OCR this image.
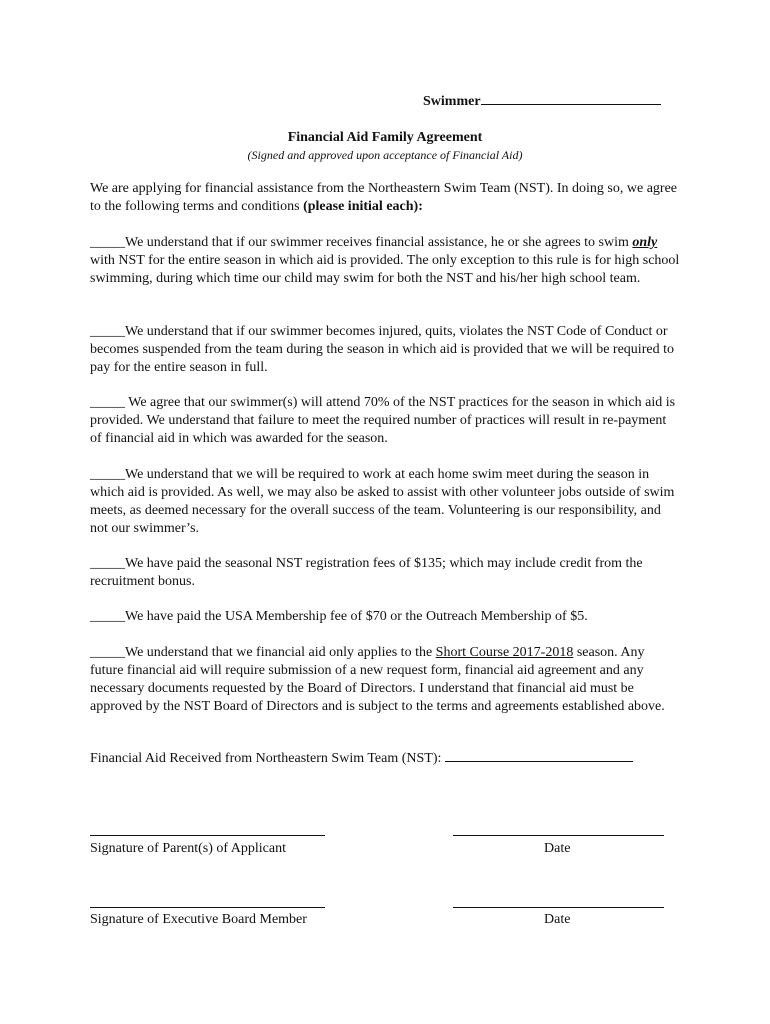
Swimmer
Financial Aid Family Agreement
(Signed and approved upon acceptance of Financial Aid)
We are applying for financial assistance from the Northeastern Swim Team (NST). In doing so, we agree to the following terms and conditions (please initial each):
_____We understand that if our swimmer receives financial assistance, he or she agrees to swim only with NST for the entire season in which aid is provided. The only exception to this rule is for high school swimming, during which time our child may swim for both the NST and his/her high school team.
_____We understand that if our swimmer becomes injured, quits, violates the NST Code of Conduct or becomes suspended from the team during the season in which aid is provided that we will be required to pay for the entire season in full.
_____ We agree that our swimmer(s) will attend 70% of the NST practices for the season in which aid is provided. We understand that failure to meet the required number of practices will result in re-payment of financial aid in which was awarded for the season.
_____We understand that we will be required to work at each home swim meet during the season in which aid is provided. As well, we may also be asked to assist with other volunteer jobs outside of swim meets, as deemed necessary for the overall success of the team. Volunteering is our responsibility, and not our swimmer’s.
_____We have paid the seasonal NST registration fees of $135; which may include credit from the recruitment bonus.
_____We have paid the USA Membership fee of $70 or the Outreach Membership of $5.
_____We understand that we financial aid only applies to the Short Course 2017-2018 season. Any future financial aid will require submission of a new request form, financial aid agreement and any necessary documents requested by the Board of Directors. I understand that financial aid must be approved by the NST Board of Directors and is subject to the terms and agreements established above.
Financial Aid Received from Northeastern Swim Team (NST):
Signature of Parent(s) of Applicant	Date
Signature of Executive Board Member	Date
